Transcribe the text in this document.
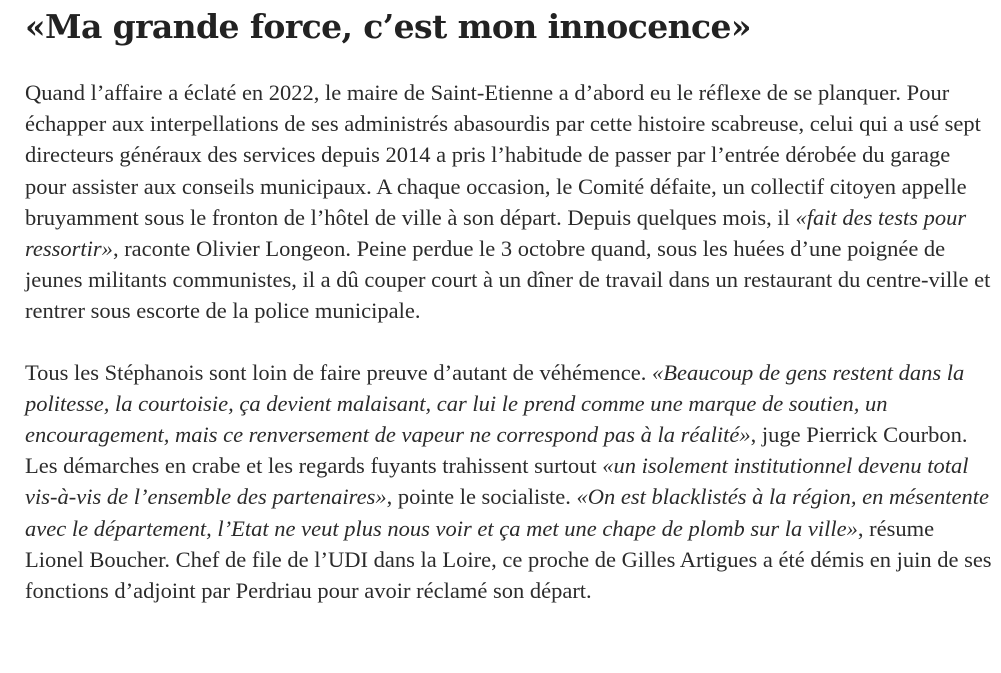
«Ma grande force, c’est mon innocence»

Quand l’affaire a éclaté en 2022, le maire de Saint-Etienne a d’abord eu le réflexe de se planquer. Pour échapper aux interpellations de ses administrés abasourdis par cette histoire scabreuse, celui qui a usé sept directeurs généraux des services depuis 2014 a pris l’habitude de passer par l’entrée dérobée du garage pour assister aux conseils municipaux. A chaque occasion, le Comité défaite, un collectif citoyen appelle bruyamment sous le fronton de l’hôtel de ville à son départ. Depuis quelques mois, il «fait des tests pour ressortir», raconte Olivier Longeon. Peine perdue le 3 octobre quand, sous les huées d’une poignée de jeunes militants communistes, il a dû couper court à un dîner de travail dans un restaurant du centre-ville et rentrer sous escorte de la police municipale.

Tous les Stéphanois sont loin de faire preuve d’autant de véhémence. «Beaucoup de gens restent dans la politesse, la courtoisie, ça devient malaisant, car lui le prend comme une marque de soutien, un encouragement, mais ce renversement de vapeur ne correspond pas à la réalité», juge Pierrick Courbon. Les démarches en crabe et les regards fuyants trahissent surtout «un isolement institutionnel devenu total vis-à-vis de l’ensemble des partenaires», pointe le socialiste. «On est blacklistés à la région, en mésentente avec le département, l’Etat ne veut plus nous voir et ça met une chape de plomb sur la ville», résume Lionel Boucher. Chef de file de l’UDI dans la Loire, ce proche de Gilles Artigues a été démis en juin de ses fonctions d’adjoint par Perdriau pour avoir réclamé son départ.
